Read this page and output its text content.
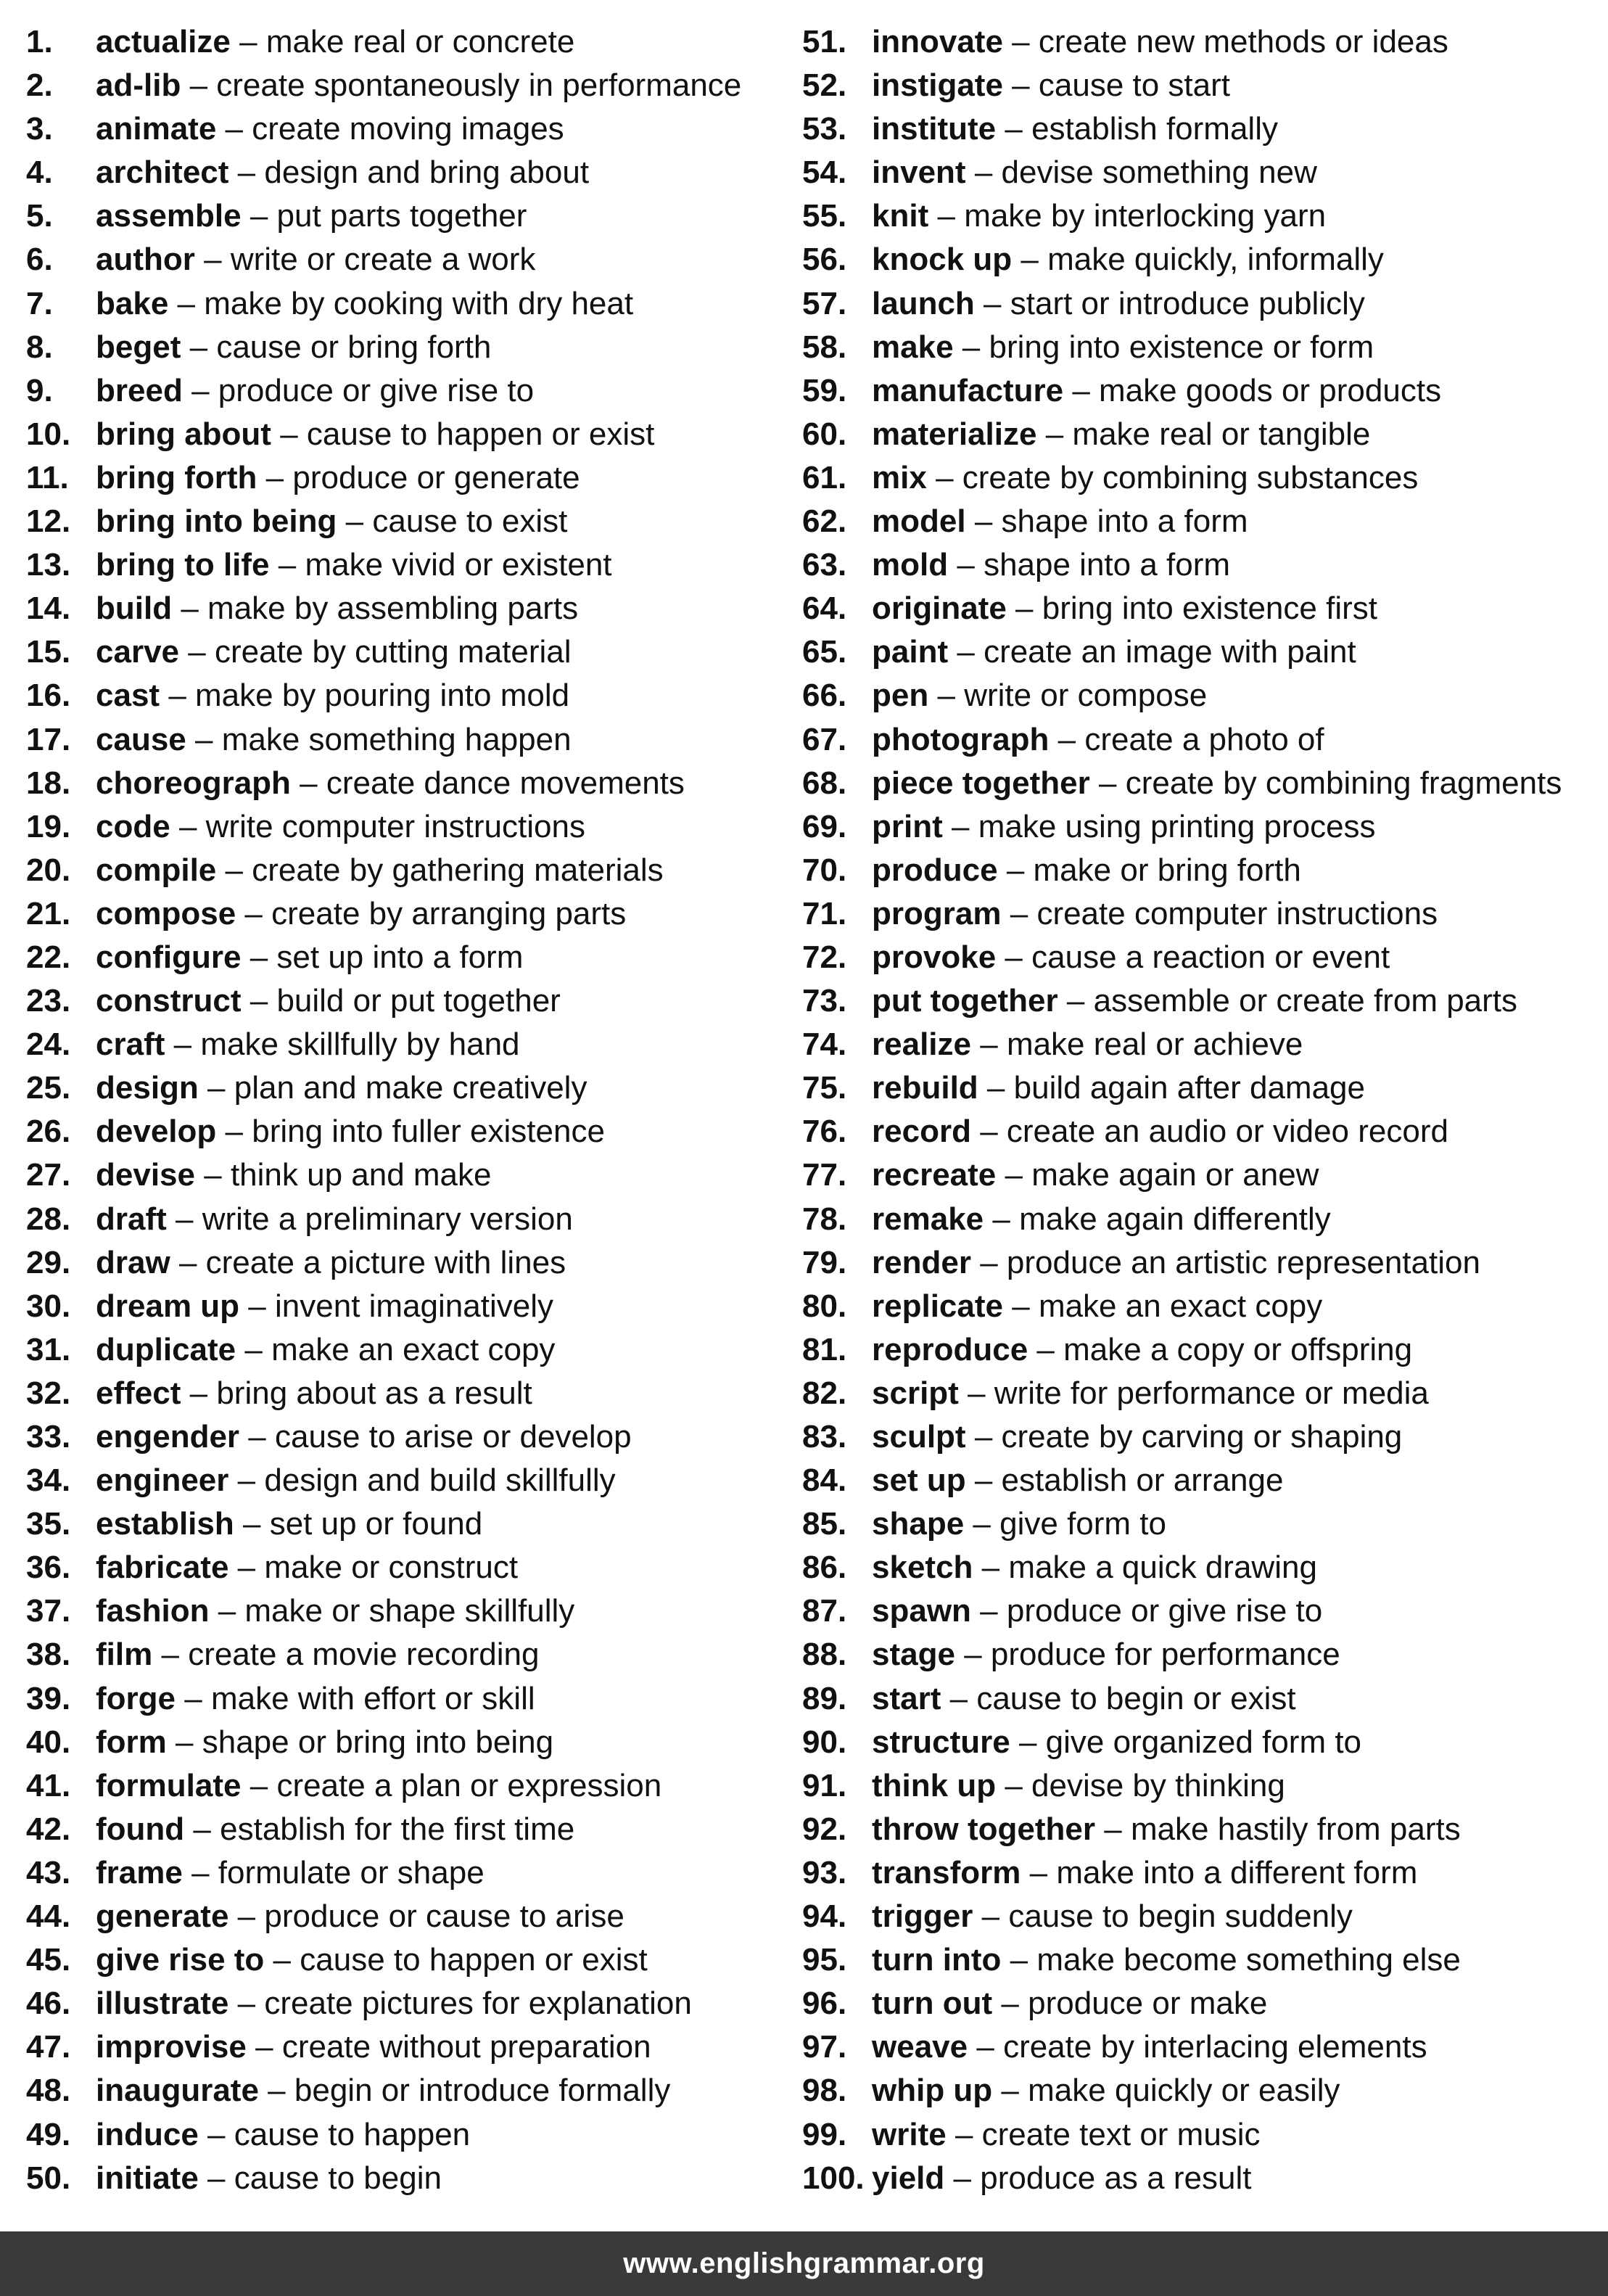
1.	actualize – make real or concrete
2.	ad-lib – create spontaneously in performance
3.	animate – create moving images
4.	architect – design and bring about
5.	assemble – put parts together
6.	author – write or create a work
7.	bake – make by cooking with dry heat
8.	beget – cause or bring forth
9.	breed – produce or give rise to
10. bring about – cause to happen or exist
11. bring forth – produce or generate
12. bring into being – cause to exist
13. bring to life – make vivid or existent
14. build – make by assembling parts
15. carve – create by cutting material
16. cast – make by pouring into mold
17. cause – make something happen
18. choreograph – create dance movements
19. code – write computer instructions
20. compile – create by gathering materials
21. compose – create by arranging parts
22. configure – set up into a form
23. construct – build or put together
24. craft – make skillfully by hand
25. design – plan and make creatively
26. develop – bring into fuller existence
27. devise – think up and make
28. draft – write a preliminary version
29. draw – create a picture with lines
30. dream up – invent imaginatively
31. duplicate – make an exact copy
32. effect – bring about as a result
33. engender – cause to arise or develop
34. engineer – design and build skillfully
35. establish – set up or found
36. fabricate – make or construct
37. fashion – make or shape skillfully
38. film – create a movie recording
39. forge – make with effort or skill
40. form – shape or bring into being
41. formulate – create a plan or expression
42. found – establish for the first time
43. frame – formulate or shape
44. generate – produce or cause to arise
45. give rise to – cause to happen or exist
46. illustrate – create pictures for explanation
47. improvise – create without preparation
48. inaugurate – begin or introduce formally
49. induce – cause to happen
50. initiate – cause to begin
51. innovate – create new methods or ideas
52. instigate – cause to start
53. institute – establish formally
54. invent – devise something new
55. knit – make by interlocking yarn
56. knock up – make quickly, informally
57. launch – start or introduce publicly
58. make – bring into existence or form
59. manufacture – make goods or products
60. materialize – make real or tangible
61. mix – create by combining substances
62. model – shape into a form
63. mold – shape into a form
64. originate – bring into existence first
65. paint – create an image with paint
66. pen – write or compose
67. photograph – create a photo of
68. piece together – create by combining fragments
69. print – make using printing process
70. produce – make or bring forth
71. program – create computer instructions
72. provoke – cause a reaction or event
73. put together – assemble or create from parts
74. realize – make real or achieve
75. rebuild – build again after damage
76. record – create an audio or video record
77. recreate – make again or anew
78. remake – make again differently
79. render – produce an artistic representation
80. replicate – make an exact copy
81. reproduce – make a copy or offspring
82. script – write for performance or media
83. sculpt – create by carving or shaping
84. set up – establish or arrange
85. shape – give form to
86. sketch – make a quick drawing
87. spawn – produce or give rise to
88. stage – produce for performance
89. start – cause to begin or exist
90. structure – give organized form to
91. think up – devise by thinking
92. throw together – make hastily from parts
93. transform – make into a different form
94. trigger – cause to begin suddenly
95. turn into – make become something else
96. turn out – produce or make
97. weave – create by interlacing elements
98. whip up – make quickly or easily
99. write – create text or music
100. yield – produce as a result
www.englishgrammar.org
